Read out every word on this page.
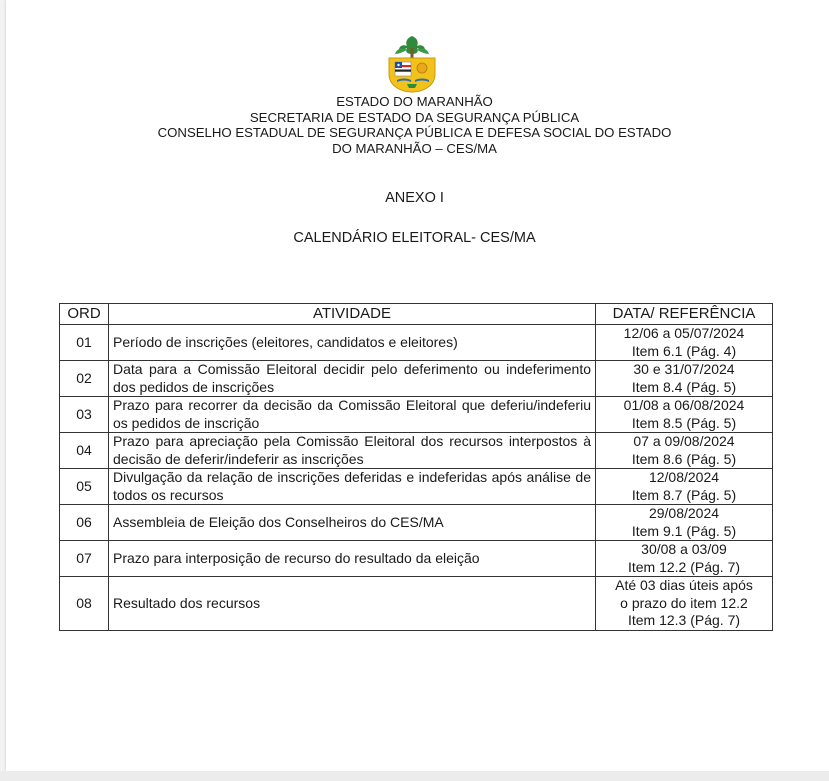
ESTADO DO MARANHÃO
SECRETARIA DE ESTADO DA SEGURANÇA PÚBLICA
CONSELHO ESTADUAL DE SEGURANÇA PÚBLICA E DEFESA SOCIAL DO ESTADO
DO MARANHÃO – CES/MA
ANEXO I
CALENDÁRIO ELEITORAL- CES/MA
ORD	ATIVIDADE	DATA/ REFERÊNCIA
01	Período de inscrições (eleitores, candidatos e eleitores)	12/06 a 05/07/2024
Item 6.1 (Pág. 4)

02	Data para a Comissão Eleitoral decidir pelo deferimento ou indeferimento dos pedidos de inscrições	30 e 31/07/2024
Item 8.4 (Pág. 5)

03	Prazo para recorrer da decisão da Comissão Eleitoral que deferiu/indeferiu os pedidos de inscrição	01/08 a 06/08/2024
Item 8.5 (Pág. 5)

04	Prazo para apreciação pela Comissão Eleitoral dos recursos interpostos à decisão de deferir/indeferir as inscrições	07 a 09/08/2024
Item 8.6 (Pág. 5)

05	Divulgação da relação de inscrições deferidas e indeferidas após análise de todos os recursos	12/08/2024
Item 8.7 (Pág. 5)

06	Assembleia de Eleição dos Conselheiros do CES/MA	29/08/2024
Item 9.1 (Pág. 5)

07	Prazo para interposição de recurso do resultado da eleição	30/08 a 03/09
Item 12.2 (Pág. 7)

08	Resultado dos recursos	Até 03 dias úteis após
o prazo do item 12.2
Item 12.3 (Pág. 7)
